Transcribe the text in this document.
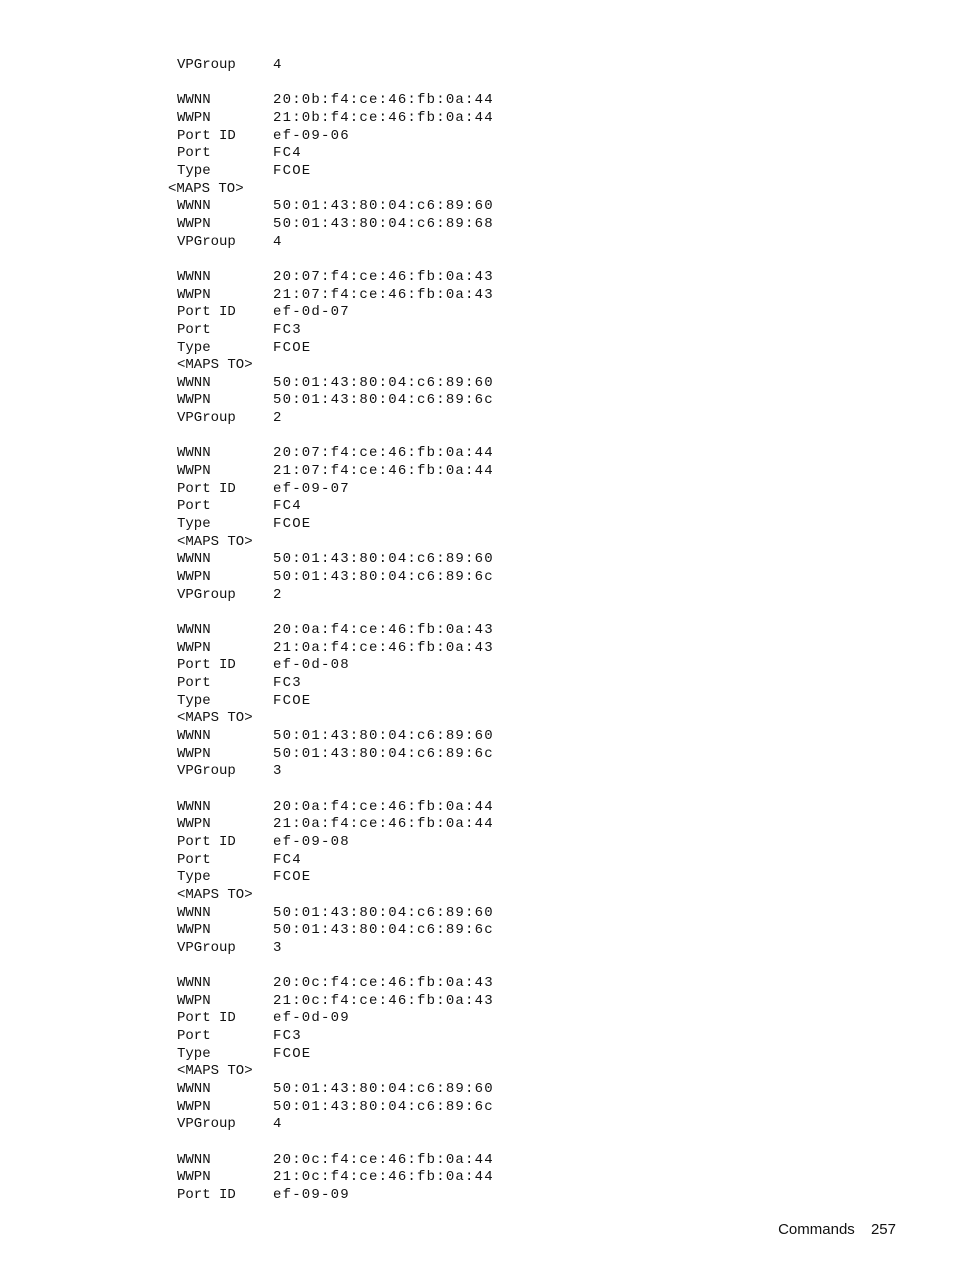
VPGroup	4
WWNN	20:0b:f4:ce:46:fb:0a:44
WWPN	21:0b:f4:ce:46:fb:0a:44
Port ID	ef-09-06
Port	FC4
Type	FCOE
<MAPS TO>
WWNN	50:01:43:80:04:c6:89:60
WWPN	50:01:43:80:04:c6:89:68
VPGroup	4
WWNN	20:07:f4:ce:46:fb:0a:43
WWPN	21:07:f4:ce:46:fb:0a:43
Port ID	ef-0d-07
Port	FC3
Type	FCOE
<MAPS TO>
WWNN	50:01:43:80:04:c6:89:60
WWPN	50:01:43:80:04:c6:89:6c
VPGroup	2
WWNN	20:07:f4:ce:46:fb:0a:44
WWPN	21:07:f4:ce:46:fb:0a:44
Port ID	ef-09-07
Port	FC4
Type	FCOE
<MAPS TO>
WWNN	50:01:43:80:04:c6:89:60
WWPN	50:01:43:80:04:c6:89:6c
VPGroup	2
WWNN	20:0a:f4:ce:46:fb:0a:43
WWPN	21:0a:f4:ce:46:fb:0a:43
Port ID	ef-0d-08
Port	FC3
Type	FCOE
<MAPS TO>
WWNN	50:01:43:80:04:c6:89:60
WWPN	50:01:43:80:04:c6:89:6c
VPGroup	3
WWNN	20:0a:f4:ce:46:fb:0a:44
WWPN	21:0a:f4:ce:46:fb:0a:44
Port ID	ef-09-08
Port	FC4
Type	FCOE
<MAPS TO>
WWNN	50:01:43:80:04:c6:89:60
WWPN	50:01:43:80:04:c6:89:6c
VPGroup	3
WWNN	20:0c:f4:ce:46:fb:0a:43
WWPN	21:0c:f4:ce:46:fb:0a:43
Port ID	ef-0d-09
Port	FC3
Type	FCOE
<MAPS TO>
WWNN	50:01:43:80:04:c6:89:60
WWPN	50:01:43:80:04:c6:89:6c
VPGroup	4
WWNN	20:0c:f4:ce:46:fb:0a:44
WWPN	21:0c:f4:ce:46:fb:0a:44
Port ID	ef-09-09
Commands 257
